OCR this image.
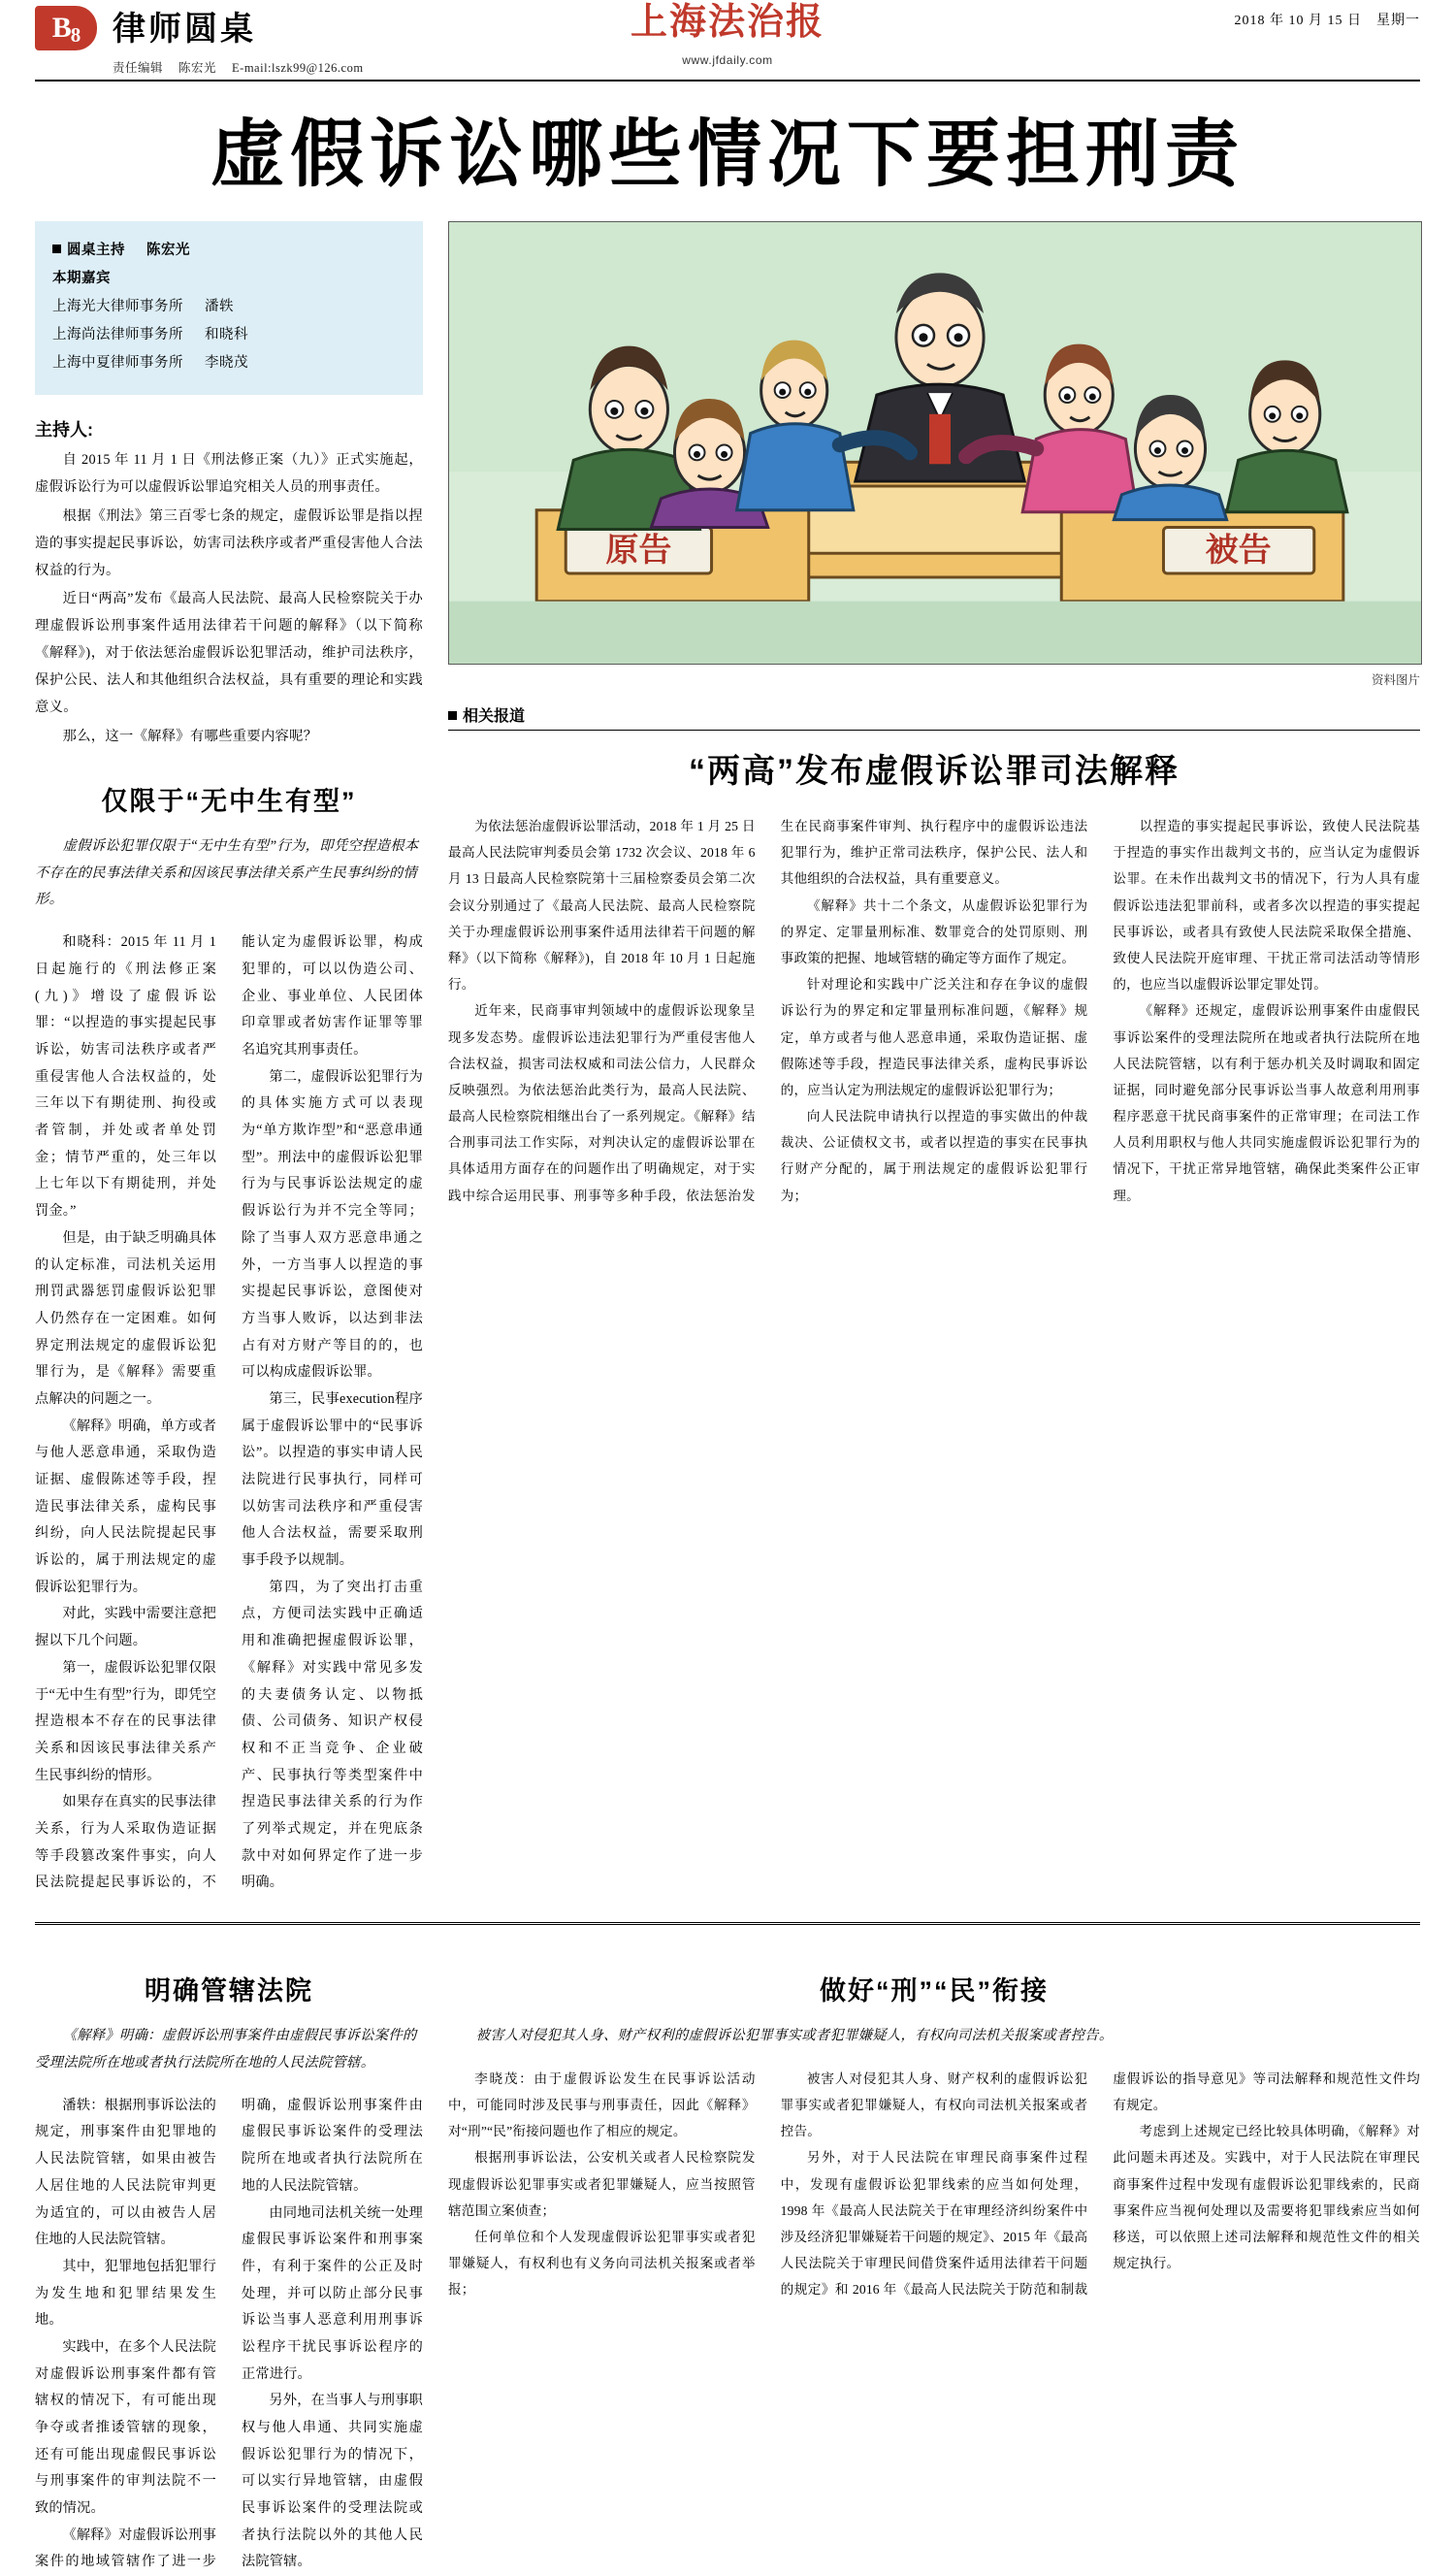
B 8 律师圆桌
责任编辑 陈宏光 E-mail:lszk99@126.com
上海法治报
www.jfdaily.com
2018 年 10 月 15 日　星期一
虚假诉讼哪些情况下要担刑责
圆桌主持 陈宏光
本期嘉宾
上海光大律师事务所 潘轶
上海尚法律师事务所 和晓科
上海中夏律师事务所 李晓茂
主持人:

自 2015 年 11 月 1 日《刑法修正案（九）》正式实施起，虚假诉讼行为可以虚假诉讼罪追究相关人员的刑事责任。

根据《刑法》第三百零七条的规定，虚假诉讼罪是指以捏造的事实提起民事诉讼，妨害司法秩序或者严重侵害他人合法权益的行为。

近日“两高”发布《最高人民法院、最高人民检察院关于办理虚假诉讼刑事案件适用法律若干问题的解释》（以下简称《解释》)，对于依法惩治虚假诉讼犯罪活动，维护司法秩序，保护公民、法人和其他组织合法权益，具有重要的理论和实践意义。

那么，这一《解释》有哪些重要内容呢？

仅限于“无中生有型”
虚假诉讼犯罪仅限于“无中生有型”行为，即凭空捏造根本不存在的民事法律关系和因该民事法律关系产生民事纠纷的情形。

和晓科：2015 年 11 月 1 日起施行的《刑法修正案(九)》增设了虚假诉讼罪：“以捏造的事实提起民事诉讼，妨害司法秩序或者严重侵害他人合法权益的，处三年以下有期徒刑、拘役或者管制，并处或者单处罚金；情节严重的，处三年以上七年以下有期徒刑，并处罚金。”

但是，由于缺乏明确具体的认定标准，司法机关运用刑罚武器惩罚虚假诉讼犯罪人仍然存在一定困难。如何界定刑法规定的虚假诉讼犯罪行为，是《解释》需要重点解决的问题之一。

《解释》明确，单方或者与他人恶意串通，采取伪造证据、虚假陈述等手段，捏造民事法律关系，虚构民事纠纷，向人民法院提起民事诉讼的，属于刑法规定的虚假诉讼犯罪行为。

对此，实践中需要注意把握以下几个问题。

第一，虚假诉讼犯罪仅限于“无中生有型”行为，即凭空捏造根本不存在的民事法律关系和因该民事法律关系产生民事纠纷的情形。

如果存在真实的民事法律关系，行为人采取伪造证据等手段篡改案件事实，向人民法院提起民事诉讼的，不能认定为虚假诉讼罪，构成犯罪的，可以以伪造公司、企业、事业单位、人民团体印章罪或者妨害作证罪等罪名追究其刑事责任。

第二，虚假诉讼犯罪行为的具体实施方式可以表现为“单方欺诈型”和“恶意串通型”。刑法中的虚假诉讼犯罪行为与民事诉讼法规定的虚假诉讼行为并不完全等同；除了当事人双方恶意串通之外，一方当事人以捏造的事实提起民事诉讼，意图使对方当事人败诉，以达到非法占有对方财产等目的的，也可以构成虚假诉讼罪。

第三，民事execution程序属于虚假诉讼罪中的“民事诉讼”。以捏造的事实申请人民法院进行民事执行，同样可以妨害司法秩序和严重侵害他人合法权益，需要采取刑事手段予以规制。

第四，为了突出打击重点，方便司法实践中正确适用和准确把握虚假诉讼罪，《解释》对实践中常见多发的夫妻债务认定、以物抵债、公司债务、知识产权侵权和不正当竞争、企业破产、民事执行等类型案件中捏造民事法律关系的行为作了列举式规定，并在兜底条款中对如何界定作了进一步明确。

原告	被告
资料图片
相关报道
“两高”发布虚假诉讼罪司法解释

为依法惩治虚假诉讼罪活动，2018 年 1 月 25 日最高人民法院审判委员会第 1732 次会议、2018 年 6 月 13 日最高人民检察院第十三届检察委员会第二次会议分别通过了《最高人民法院、最高人民检察院关于办理虚假诉讼刑事案件适用法律若干问题的解释》（以下简称《解释》)，自 2018 年 10 月 1 日起施行。

近年来，民商事审判领域中的虚假诉讼现象呈现多发态势。虚假诉讼违法犯罪行为严重侵害他人合法权益，损害司法权威和司法公信力，人民群众反映强烈。为依法惩治此类行为，最高人民法院、最高人民检察院相继出台了一系列规定。《解释》结合刑事司法工作实际，对判决认定的虚假诉讼罪在具体适用方面存在的问题作出了明确规定，对于实践中综合运用民事、刑事等多种手段，依法惩治发生在民商事案件审判、执行程序中的虚假诉讼违法犯罪行为，维护正常司法秩序，保护公民、法人和其他组织的合法权益，具有重要意义。

《解释》共十二个条文，从虚假诉讼犯罪行为的界定、定罪量刑标准、数罪竞合的处罚原则、刑事政策的把握、地域管辖的确定等方面作了规定。

针对理论和实践中广泛关注和存在争议的虚假诉讼行为的界定和定罪量刑标准问题，《解释》规定，单方或者与他人恶意串通，采取伪造证据、虚假陈述等手段，捏造民事法律关系，虚构民事诉讼的，应当认定为刑法规定的虚假诉讼犯罪行为；

向人民法院申请执行以捏造的事实做出的仲裁裁决、公证债权文书，或者以捏造的事实在民事执行财产分配的，属于刑法规定的虚假诉讼犯罪行为；

以捏造的事实提起民事诉讼，致使人民法院基于捏造的事实作出裁判文书的，应当认定为虚假诉讼罪。在未作出裁判文书的情况下，行为人具有虚假诉讼违法犯罪前科，或者多次以捏造的事实提起民事诉讼，或者具有致使人民法院采取保全措施、致使人民法院开庭审理、干扰正常司法活动等情形的，也应当以虚假诉讼罪定罪处罚。

《解释》还规定，虚假诉讼刑事案件由虚假民事诉讼案件的受理法院所在地或者执行法院所在地人民法院管辖，以有利于惩办机关及时调取和固定证据，同时避免部分民事诉讼当事人故意利用刑事程序恶意干扰民商事案件的正常审理；在司法工作人员利用职权与他人共同实施虚假诉讼犯罪行为的情况下，干扰正常异地管辖，确保此类案件公正审理。

明确管辖法院
《解释》明确：虚假诉讼刑事案件由虚假民事诉讼案件的受理法院所在地或者执行法院所在地的人民法院管辖。

潘轶：根据刑事诉讼法的规定，刑事案件由犯罪地的人民法院管辖，如果由被告人居住地的人民法院审判更为适宜的，可以由被告人居住地的人民法院管辖。

其中，犯罪地包括犯罪行为发生地和犯罪结果发生地。

实践中，在多个人民法院对虚假诉讼刑事案件都有管辖权的情况下，有可能出现争夺或者推诿管辖的现象，还有可能出现虚假民事诉讼与刑事案件的审判法院不一致的情况。

《解释》对虚假诉讼刑事案件的地域管辖作了进一步明确，虚假诉讼刑事案件由虚假民事诉讼案件的受理法院所在地或者执行法院所在地的人民法院管辖。

由同地司法机关统一处理虚假民事诉讼案件和刑事案件，有利于案件的公正及时处理，并可以防止部分民事诉讼当事人恶意利用刑事诉讼程序干扰民事诉讼程序的正常进行。

另外，在当事人与刑事职权与他人串通、共同实施虚假诉讼犯罪行为的情况下，可以实行异地管辖，由虚假民事诉讼案件的受理法院或者执行法院以外的其他人民法院管辖。

做好“刑”“民”衔接
被害人对侵犯其人身、财产权利的虚假诉讼犯罪事实或者犯罪嫌疑人，有权向司法机关报案或者控告。

李晓茂：由于虚假诉讼发生在民事诉讼活动中，可能同时涉及民事与刑事责任，因此《解释》对“刑”“民”衔接问题也作了相应的规定。

根据刑事诉讼法，公安机关或者人民检察院发现虚假诉讼犯罪事实或者犯罪嫌疑人，应当按照管辖范围立案侦查；

任何单位和个人发现虚假诉讼犯罪事实或者犯罪嫌疑人，有权利也有义务向司法机关报案或者举报；

被害人对侵犯其人身、财产权利的虚假诉讼犯罪事实或者犯罪嫌疑人，有权向司法机关报案或者控告。

另外，对于人民法院在审理民商事案件过程中，发现有虚假诉讼犯罪线索的应当如何处理，1998 年《最高人民法院关于在审理经济纠纷案件中涉及经济犯罪嫌疑若干问题的规定》、2015 年《最高人民法院关于审理民间借贷案件适用法律若干问题的规定》和 2016 年《最高人民法院关于防范和制裁虚假诉讼的指导意见》等司法解释和规范性文件均有规定。

考虑到上述规定已经比较具体明确，《解释》对此问题未再述及。实践中，对于人民法院在审理民商事案件过程中发现有虚假诉讼犯罪线索的，民商事案件应当视何处理以及需要将犯罪线索应当如何移送，可以依照上述司法解释和规范性文件的相关规定执行。
